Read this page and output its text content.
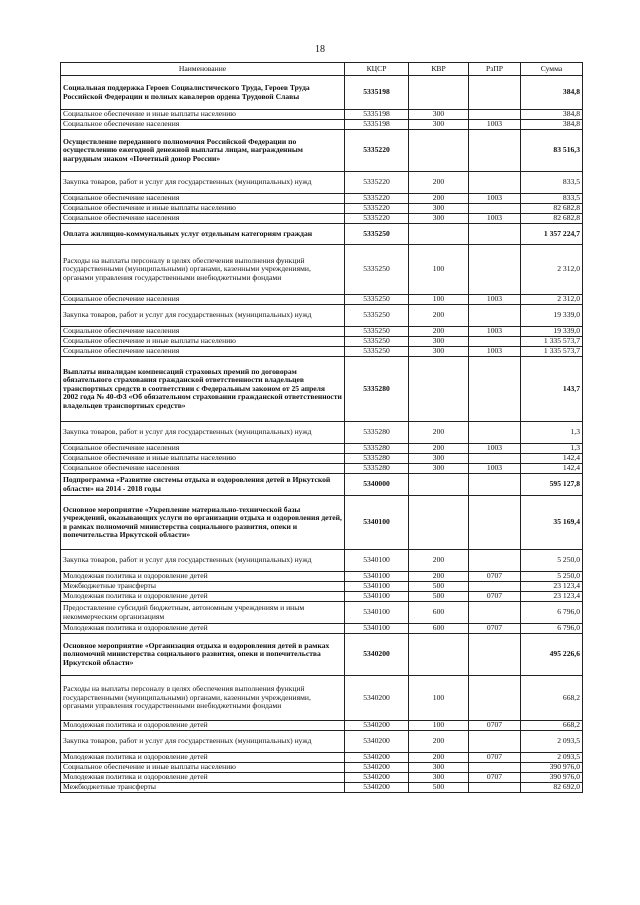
18
Наименование	КЦСР	КВР	РзПР	Сумма
Социальная поддержка Героев Социалистического Труда, Героев Труда Российской Федерации и полных кавалеров ордена Трудовой Славы	5335198			384,8
Социальное обеспечение и иные выплаты населению	5335198	300		384,8
Социальное обеспечение населения	5335198	300	1003	384,8
Осуществление переданного полномочия Российской Федерации по осуществлению ежегодной денежной выплаты лицам, награжденным нагрудным знаком «Почетный донор России»	5335220			83 516,3
Закупка товаров, работ и услуг для государственных (муниципальных) нужд	5335220	200		833,5
Социальное обеспечение населения	5335220	200	1003	833,5
Социальное обеспечение и иные выплаты населению	5335220	300		82 682,8
Социальное обеспечение населения	5335220	300	1003	82 682,8
Оплата жилищно-коммунальных услуг отдельным категориям граждан	5335250			1 357 224,7
Расходы на выплаты персоналу в целях обеспечения выполнения функций государственными (муниципальными) органами, казенными учреждениями, органами управления государственными внебюджетными фондами	5335250	100		2 312,0
Социальное обеспечение населения	5335250	100	1003	2 312,0
Закупка товаров, работ и услуг для государственных (муниципальных) нужд	5335250	200		19 339,0
Социальное обеспечение населения	5335250	200	1003	19 339,0
Социальное обеспечение и иные выплаты населению	5335250	300		1 335 573,7
Социальное обеспечение населения	5335250	300	1003	1 335 573,7
Выплаты инвалидам компенсаций страховых премий по договорам обязательного страхования гражданской ответственности владельцев транспортных средств в соответствии с Федеральным законом от 25 апреля 2002 года № 40-ФЗ «Об обязательном страховании гражданской ответственности владельцев транспортных средств»	5335280			143,7
Закупка товаров, работ и услуг для государственных (муниципальных) нужд	5335280	200		1,3
Социальное обеспечение населения	5335280	200	1003	1,3
Социальное обеспечение и иные выплаты населению	5335280	300		142,4
Социальное обеспечение населения	5335280	300	1003	142,4
Подпрограмма «Развитие системы отдыха и оздоровления детей в Иркутской области» на 2014 - 2018 годы	5340000			595 127,8
Основное мероприятие «Укрепление материально-технической базы учреждений, оказывающих услуги по организации отдыха и оздоровления детей, в рамках полномочий министерства социального развития, опеки и попечительства Иркутской области»	5340100			35 169,4
Закупка товаров, работ и услуг для государственных (муниципальных) нужд	5340100	200		5 250,0
Молодежная политика и оздоровление детей	5340100	200	0707	5 250,0
Межбюджетные трансферты	5340100	500		23 123,4
Молодежная политика и оздоровление детей	5340100	500	0707	23 123,4
Предоставление субсидий бюджетным, автономным учреждениям и иным некоммерческим организациям	5340100	600		6 796,0
Молодежная политика и оздоровление детей	5340100	600	0707	6 796,0
Основное мероприятие «Организация отдыха и оздоровления детей в рамках полномочий министерства социального развития, опеки и попечительства Иркутской области»	5340200			495 226,6
Расходы на выплаты персоналу в целях обеспечения выполнения функций государственными (муниципальными) органами, казенными учреждениями, органами управления государственными внебюджетными фондами	5340200	100		668,2
Молодежная политика и оздоровление детей	5340200	100	0707	668,2
Закупка товаров, работ и услуг для государственных (муниципальных) нужд	5340200	200		2 093,5
Молодежная политика и оздоровление детей	5340200	200	0707	2 093,5
Социальное обеспечение и иные выплаты населению	5340200	300		390 976,0
Молодежная политика и оздоровление детей	5340200	300	0707	390 976,0
Межбюджетные трансферты	5340200	500		82 692,0
